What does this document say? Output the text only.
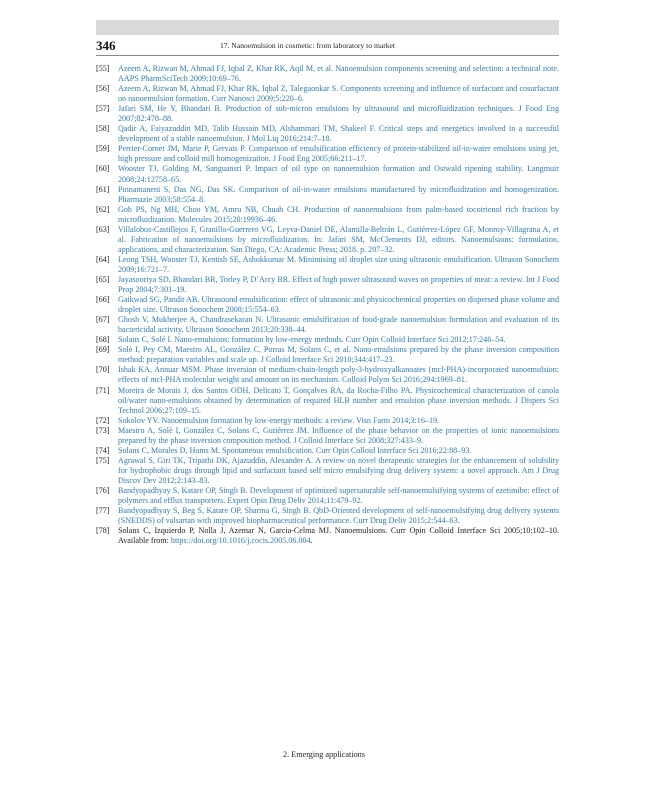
346	17. Nanoemulsion in cosmetic: from laboratory to market
[55]	Azeem A, Rizwan M, Ahmad FJ, Iqbal Z, Khar RK, Aqil M, et al. Nanoemulsion components screening and selection: a technical note. AAPS PharmSciTech 2009;10:69–76.
[56]	Azeem A, Rizwan M, Ahmad FJ, Khar RK, Iqbal Z, Talegaonkar S. Components screening and influence of surfactant and cosurfactant on nanoemulsion formation. Curr Nanosci 2009;5:220–6.
[57]	Jafari SM, He Y, Bhandari B. Production of sub-micron emulsions by ultrasound and microfluidization techniques. J Food Eng 2007;82:478–88.
[58]	Qadir A, Faiyazuddin MD, Talib Hussain MD, Alshammari TM, Shakeel F. Critical steps and energetics involved in a successful development of a stable nanoemulsion. J Mol Liq 2016;214:7–18.
[59]	Perrier-Cornet JM, Marie P, Gervais P. Comparison of emulsification efficiency of protein-stabilized oil-in-water emulsions using jet, high pressure and colloid mill homogenization. J Food Eng 2005;66:211–17.
[60]	Wooster TJ, Golding M, Sanguansri P. Impact of oil type on nanoemulsion formation and Ostwald ripening stability. Langmuir 2008;24:12758–65.
[61]	Pinnamaneni S, Das NG, Das SK. Comparison of oil-in-water emulsions manufactured by microfluidization and homogenization. Pharmazie 2003;58:554–8.
[62]	Goh PS, Ng MH, Choo YM, Amru NB, Chuah CH. Production of nanoemulsions from palm-based tocotrienol rich fraction by microfluidization. Molecules 2015;20:19936–46.
[63]	Villalobos-Castillejos F, Granillo-Guerrero VG, Leyva-Daniel DE, Alamilla-Beltrán L, Gutiérrez-López GF, Monroy-Villagrana A, et al. Fabrication of nanoemulsions by microfluidization. In: Jafari SM, McClements DJ, editors. Nanoemulsions: formulation, applications, and characterization. San Diego, CA: Academic Press; 2018. p. 207–32.
[64]	Leong TSH, Wooster TJ, Kentish SE, Ashokkumar M. Minimising oil droplet size using ultrasonic emulsification. Ultrason Sonochem 2009;16:721–7.
[65]	Jayasooriya SD, Bhandari BR, Torley P, D’Arcy BR. Effect of high power ultrasound waves on properties of meat: a review. Int J Food Prop 2004;7:301–19.
[66]	Gaikwad SG, Pandit AB. Ultrasound emulsification: effect of ultrasonic and physicochemical properties on dispersed phase volume and droplet size. Ultrason Sonochem 2008;15:554–63.
[67]	Ghosh V, Mukherjee A, Chandrasekaran N. Ultrasonic emulsification of food-grade nanoemulsion formulation and evaluation of its bactericidal activity. Ultrason Sonochem 2013;20:338–44.
[68]	Solans C, Solé I. Nano-emulsions: formation by low-energy methods. Curr Opin Colloid Interface Sci 2012;17:246–54.
[69]	Solè I, Pey CM, Maestro AL, González C, Porras M, Solans C, et al. Nano-emulsions prepared by the phase inversion composition method: preparation variables and scale up. J Colloid Interface Sci 2010;344:417–23.
[70]	Ishak KA, Annuar MSM. Phase inversion of medium-chain-length poly-3-hydroxyalkanoates (mcl-PHA)-incorporated nanoemulsion: effects of mcl-PHA molecular weight and amount on its mechanism. Colloid Polym Sci 2016;294:1969–81.
[71]	Moreira de Morais J, dos Santos ODH, Delicato T, Gonçalves RA, da Rocha-Filho PA. Physicochemical characterization of canola oil/water nano-emulsions obtained by determination of required HLB number and emulsion phase inversion methods. J Dispers Sci Technol 2006;27:109–15.
[72]	Sokolov YV. Nanoemulsion formation by low-energy methods: a review. Visn Farm 2014;3:16–19.
[73]	Maestro A, Solè I, González C, Solans C, Gutiérrez JM. Influence of the phase behavior on the properties of ionic nanoemulsions prepared by the phase inversion composition method. J Colloid Interface Sci 2008;327:433–9.
[74]	Solans C, Morales D, Homs M. Spontaneous emulsification. Curr Opin Colloid Interface Sci 2016;22:88–93.
[75]	Agrawal S, Giri TK, Tripathi DK, Ajazuddin, Alexander A. A review on novel therapeutic strategies for the enhancement of solubility for hydrophobic drugs through lipid and surfactant based self micro emulsifying drug delivery system: a novel approach. Am J Drug Discov Dev 2012;2:143–83.
[76]	Bandyopadhyay S, Katare OP, Singh B. Development of optimized supersaturable self-nanoemulsifying systems of ezetimibe: effect of polymers and efflux transporters. Expert Opin Drug Deliv 2014;11:479–92.
[77]	Bandyopadhyay S, Beg S, Katare OP, Sharma G, Singh B. QbD-Oriented development of self-nanoemulsifying drug delivery systems (SNEDDS) of valsartan with improved biopharmaceutical performance. Curr Drug Deliv 2015;2:544–63.
[78]	Solans C, Izquierdo P, Nolla J, Azemar N, Garcia-Celma MJ. Nanoemulsions. Curr Opin Colloid Interface Sci 2005;10:102–10. Available from: https://doi.org/10.1016/j.cocis.2005.06.004.
2. Emerging applications
